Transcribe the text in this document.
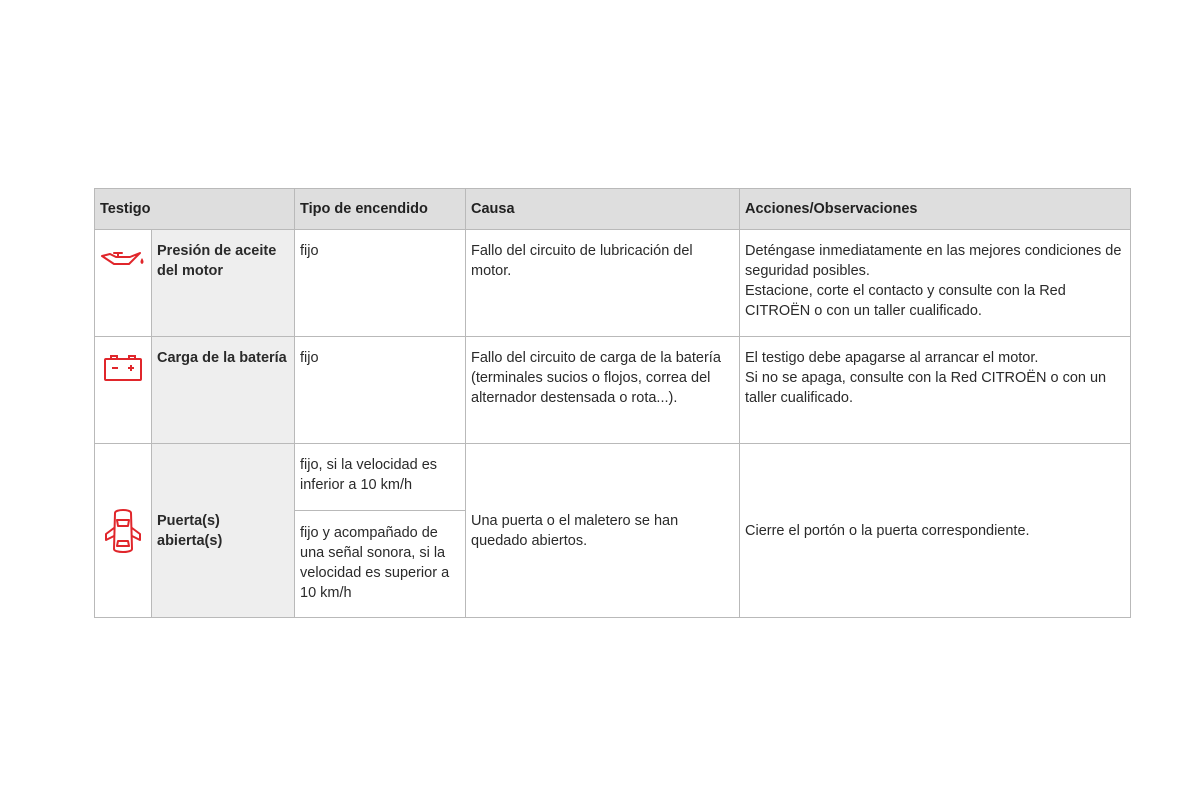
Testigo		Tipo de encendido	Causa	Acciones/Observaciones

	Presión de aceite del motor	fijo	Fallo del circuito de lubricación del motor.	Deténgase inmediatamente en las mejores condiciones de seguridad posibles.
Estacione, corte el contacto y consulte con la Red CITROËN o con un taller cualificado.

	Carga de la batería	fijo	Fallo del circuito de carga de la batería (terminales sucios o flojos, correa del alternador destensada o rota...).	El testigo debe apagarse al arrancar el motor.
Si no se apaga, consulte con la Red CITROËN o con un taller cualificado.

	Puerta(s) abierta(s)	fijo, si la velocidad es inferior a 10 km/h	Una puerta o el maletero se han quedado abiertos.	Cierre el portón o la puerta correspondiente.
		fijo y acompañado de una señal sonora, si la velocidad es superior a 10 km/h		
